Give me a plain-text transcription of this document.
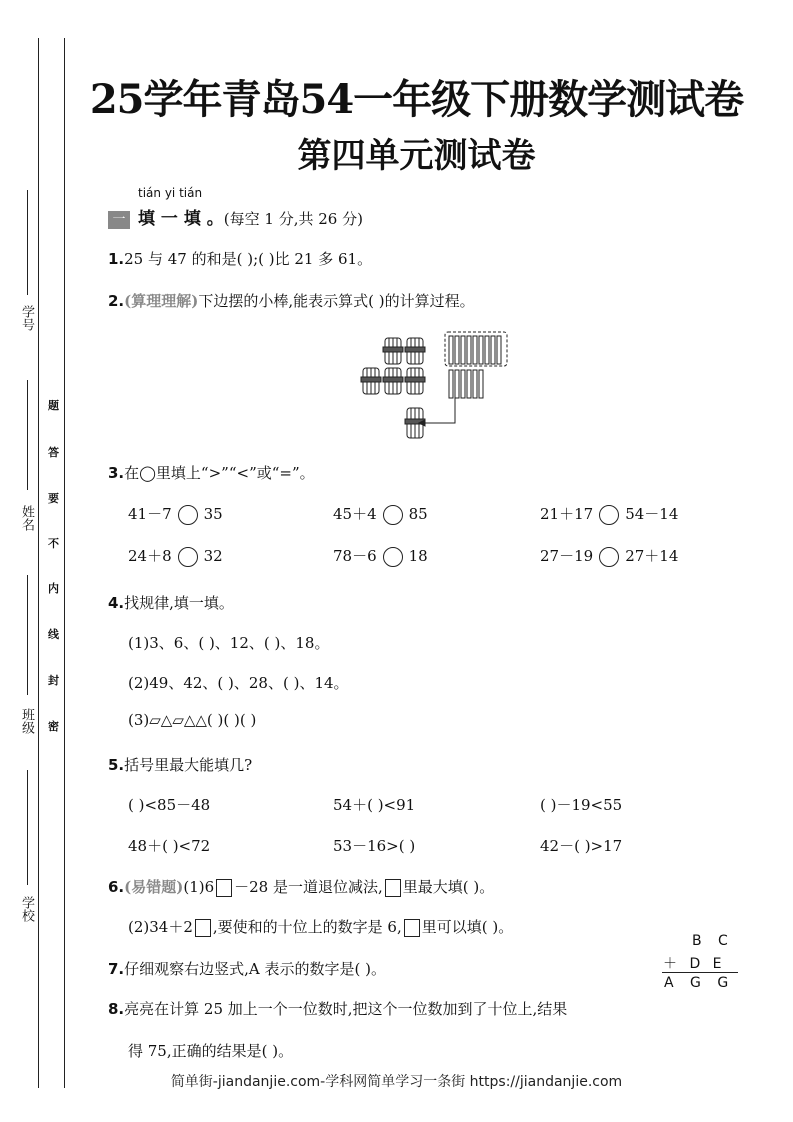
学号
姓名
班级
学校
题
答
要
不
内
线
封
密
25学年青岛54一年级下册数学测试卷
第四单元测试卷
tián yi tián
一 填 一 填 。(每空 1 分,共 26 分)
1.25 与 47 的和是( );( )比 21 多 61。
2.(算理理解)下边摆的小棒,能表示算式( )的计算过程。
3.在◯里填上“>”“<”或“=”。
41－7 35	45＋4 85	21＋17 54－14
24＋8 32	78－6 18	27－19 27＋14
4.找规律,填一填。
(1)3、6、( )、12、( )、18。
(2)49、42、( )、28、( )、14。
(3)▱△▱△△( )( )( )
5.括号里最大能填几?
( )<85－48	54＋( )<91	( )－19<55
48＋( )<72	53－16>( )	42－( )>17
6.(易错题)(1)6 －28 是一道退位减法, 里最大填( )。
(2)34＋2 ,要使和的十位上的数字是 6, 里可以填( )。
7.仔细观察右边竖式,A 表示的数字是( )。
B C
＋ D E
A G G
8.亮亮在计算 25 加上一个一位数时,把这个一位数加到了十位上,结果
得 75,正确的结果是( )。
简单街-jiandanjie.com-学科网简单学习一条街 https://jiandanjie.com
